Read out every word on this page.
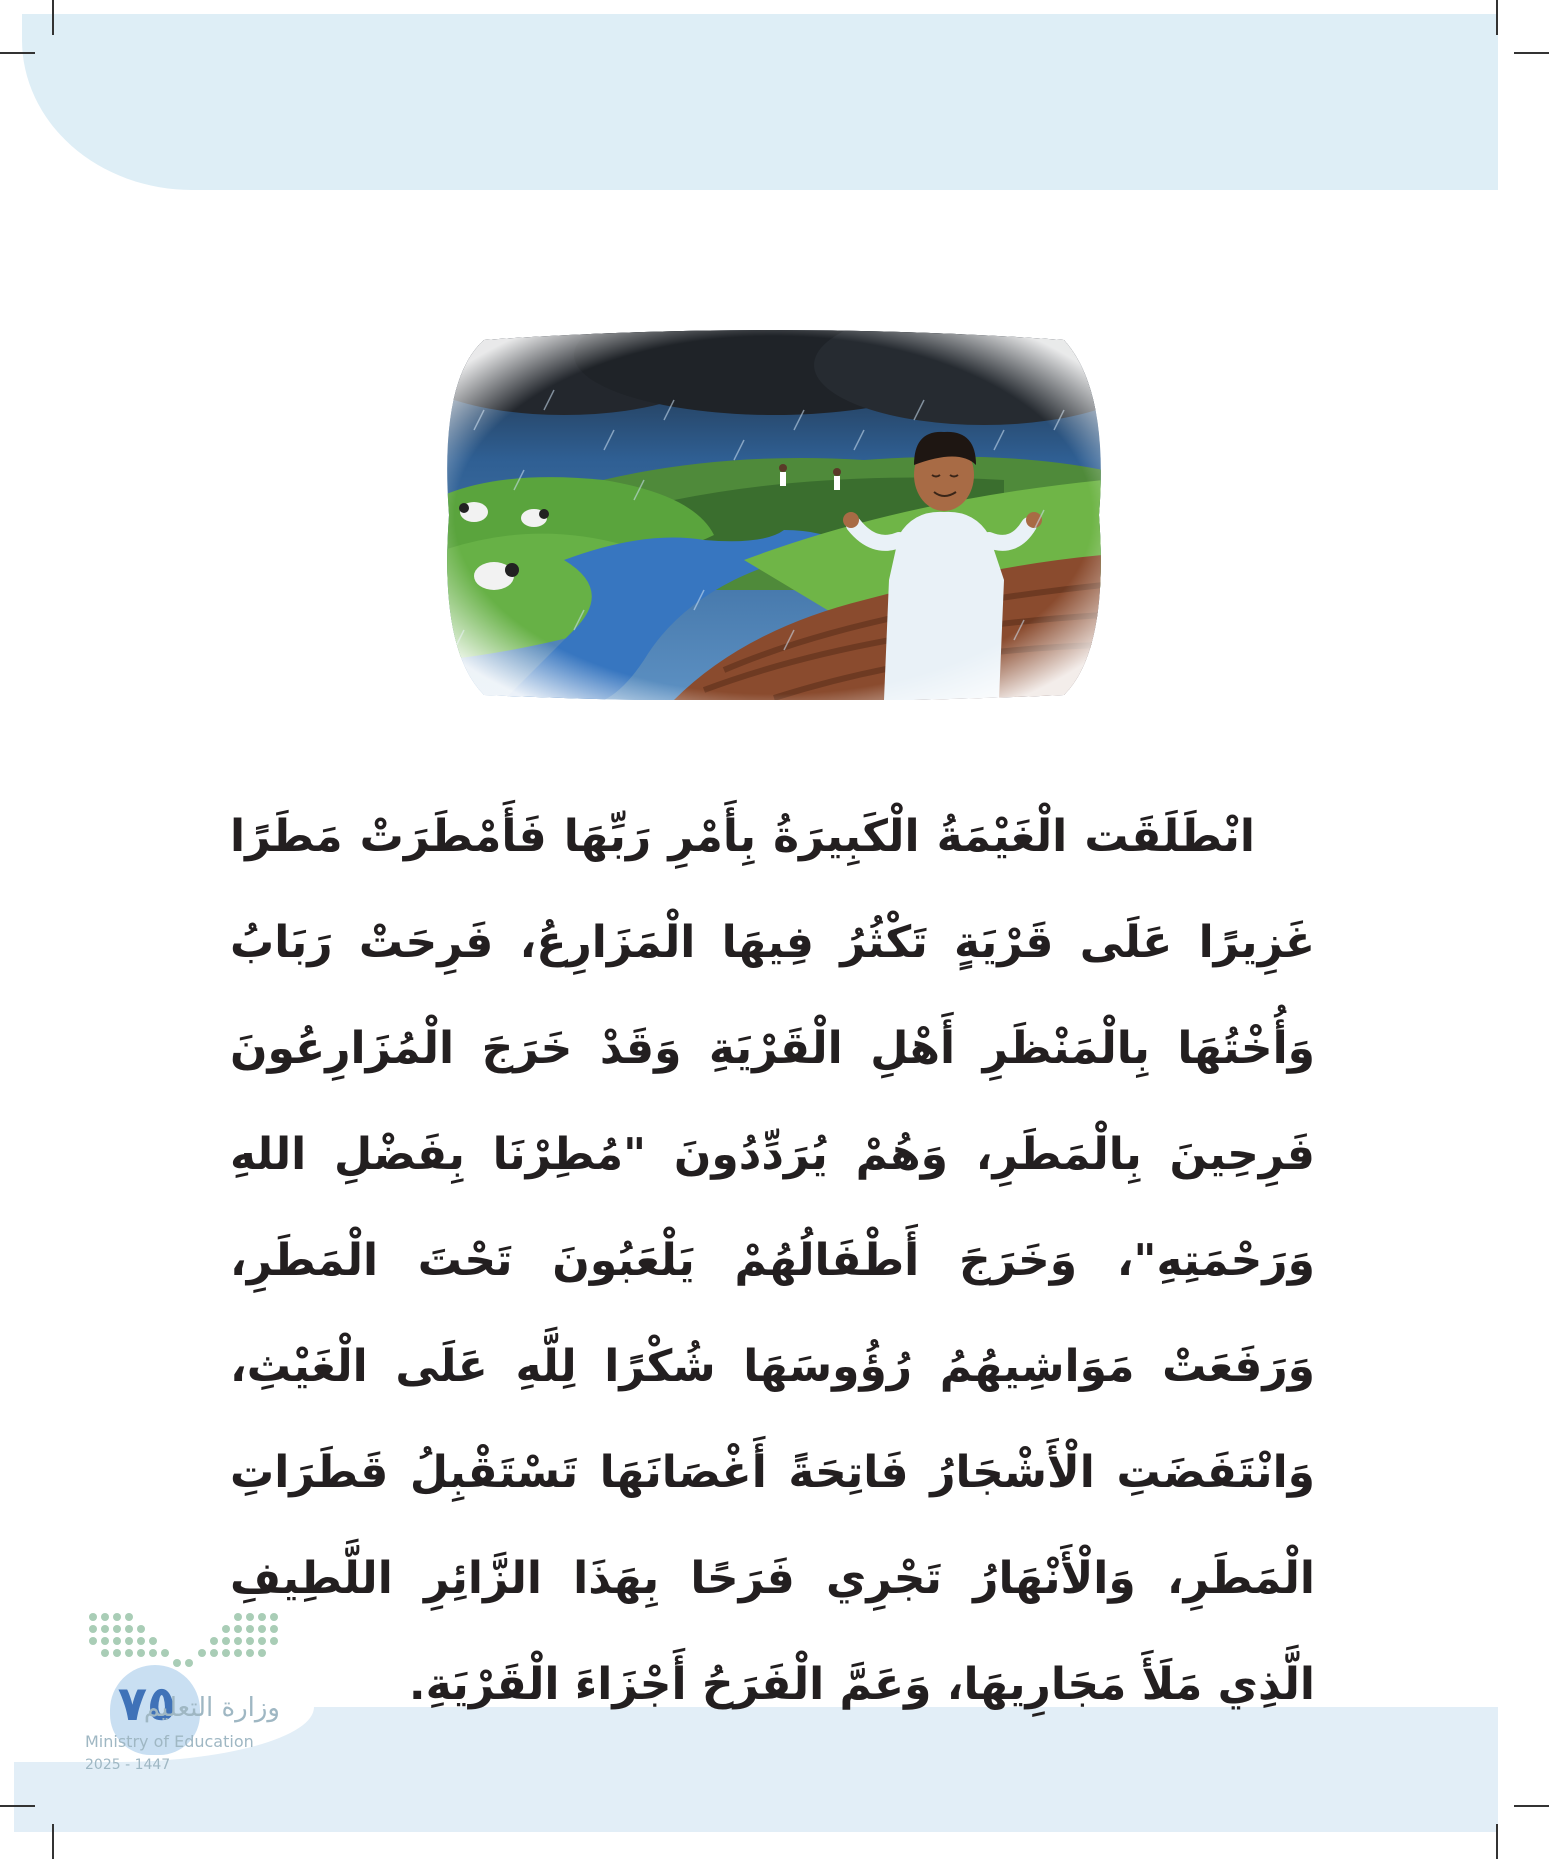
انْطَلَقَت الْغَيْمَةُ الْكَبِيرَةُ بِأَمْرِ رَبِّهَا فَأَمْطَرَتْ مَطَرًا غَزِيرًا عَلَى قَرْيَةٍ تَكْثُرُ فِيهَا الْمَزَارِعُ، فَرِحَتْ رَبَابُ وَأُخْتُهَا بِالْمَنْظَرِ أَهْلِ الْقَرْيَةِ وَقَدْ خَرَجَ الْمُزَارِعُونَ فَرِحِينَ بِالْمَطَرِ، وَهُمْ يُرَدِّدُونَ "مُطِرْنَا بِفَضْلِ اللهِ وَرَحْمَتِهِ"، وَخَرَجَ أَطْفَالُهُمْ يَلْعَبُونَ تَحْتَ الْمَطَرِ، وَرَفَعَتْ مَوَاشِيهُمُ رُؤُوسَهَا شُكْرًا لِلَّهِ عَلَى الْغَيْثِ، وَانْتَفَضَتِ الْأَشْجَارُ فَاتِحَةً أَغْصَانَهَا تَسْتَقْبِلُ قَطَرَاتِ الْمَطَرِ، وَالْأَنْهَارُ تَجْرِي فَرَحًا بِهَذَا الزَّائِرِ اللَّطِيفِ الَّذِي مَلَأَ مَجَارِيهَا، وَعَمَّ الْفَرَحُ أَجْزَاءَ الْقَرْيَةِ.

٧٥
وزارة التعليم
Ministry of Education
2025 - 1447
